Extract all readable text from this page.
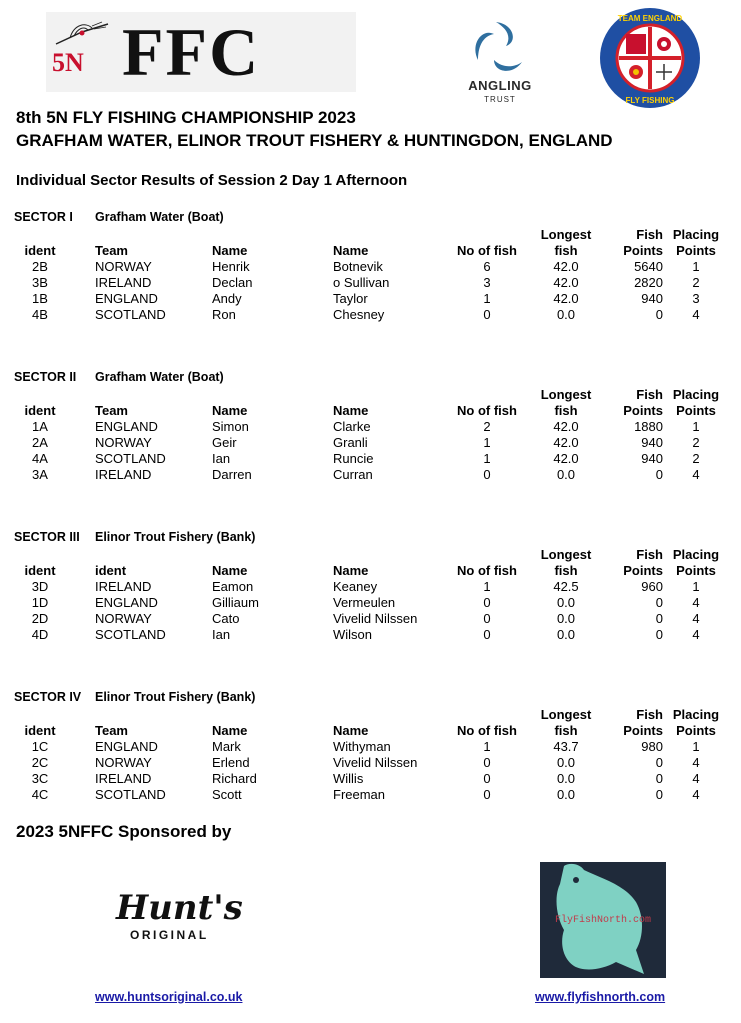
5N FFC	ANGLING
TRUST
TEAM ENGLAND
FLY FISHING
8th 5N FLY FISHING CHAMPIONSHIP 2023
GRAFHAM WATER, ELINOR TROUT FISHERY & HUNTINGDON, ENGLAND
Individual Sector Results of Session 2 Day 1 Afternoon
SECTOR I Grafham Water (Boat)
Longest	Fish Placing
ident	Team	Name	Name	No of fish	fish	Points	Points
2B	NORWAY	Henrik	Botnevik	6	42.0	5640	1
3B	IRELAND	Declan	o Sullivan	3	42.0	2820	2
1B	ENGLAND	Andy	Taylor	1	42.0	940	3
4B	SCOTLAND	Ron	Chesney	0	0.0	0	4
SECTOR II Grafham Water (Boat)
Longest	Fish Placing
ident	Team	Name	Name	No of fish	fish	Points	Points
1A	ENGLAND	Simon	Clarke	2	42.0	1880	1
2A	NORWAY	Geir	Granli	1	42.0	940	2
4A	SCOTLAND	Ian	Runcie	1	42.0	940	2
3A	IRELAND	Darren	Curran	0	0.0	0	4
SECTOR III Elinor Trout Fishery (Bank)
Longest	Fish Placing
ident	ident	Name	Name	No of fish	fish	Points	Points
3D	IRELAND	Eamon	Keaney	1	42.5	960	1
1D	ENGLAND	Gilliaum	Vermeulen	0	0.0	0	4
2D	NORWAY	Cato	Vivelid Nilssen	0	0.0	0	4
4D	SCOTLAND	Ian	Wilson	0	0.0	0	4
SECTOR IV Elinor Trout Fishery (Bank)
Longest	Fish Placing
ident	Team	Name	Name	No of fish	fish	Points	Points
1C	ENGLAND	Mark	Withyman	1	43.7	980	1
2C	NORWAY	Erlend	Vivelid Nilssen	0	0.0	0	4
3C	IRELAND	Richard	Willis	0	0.0	0	4
4C	SCOTLAND	Scott	Freeman	0	0.0	0	4
2023 5NFFC Sponsored by
Hunt's
ORIGINAL
FlyFishNorth.com
www.huntsoriginal.co.uk	www.flyfishnorth.com
